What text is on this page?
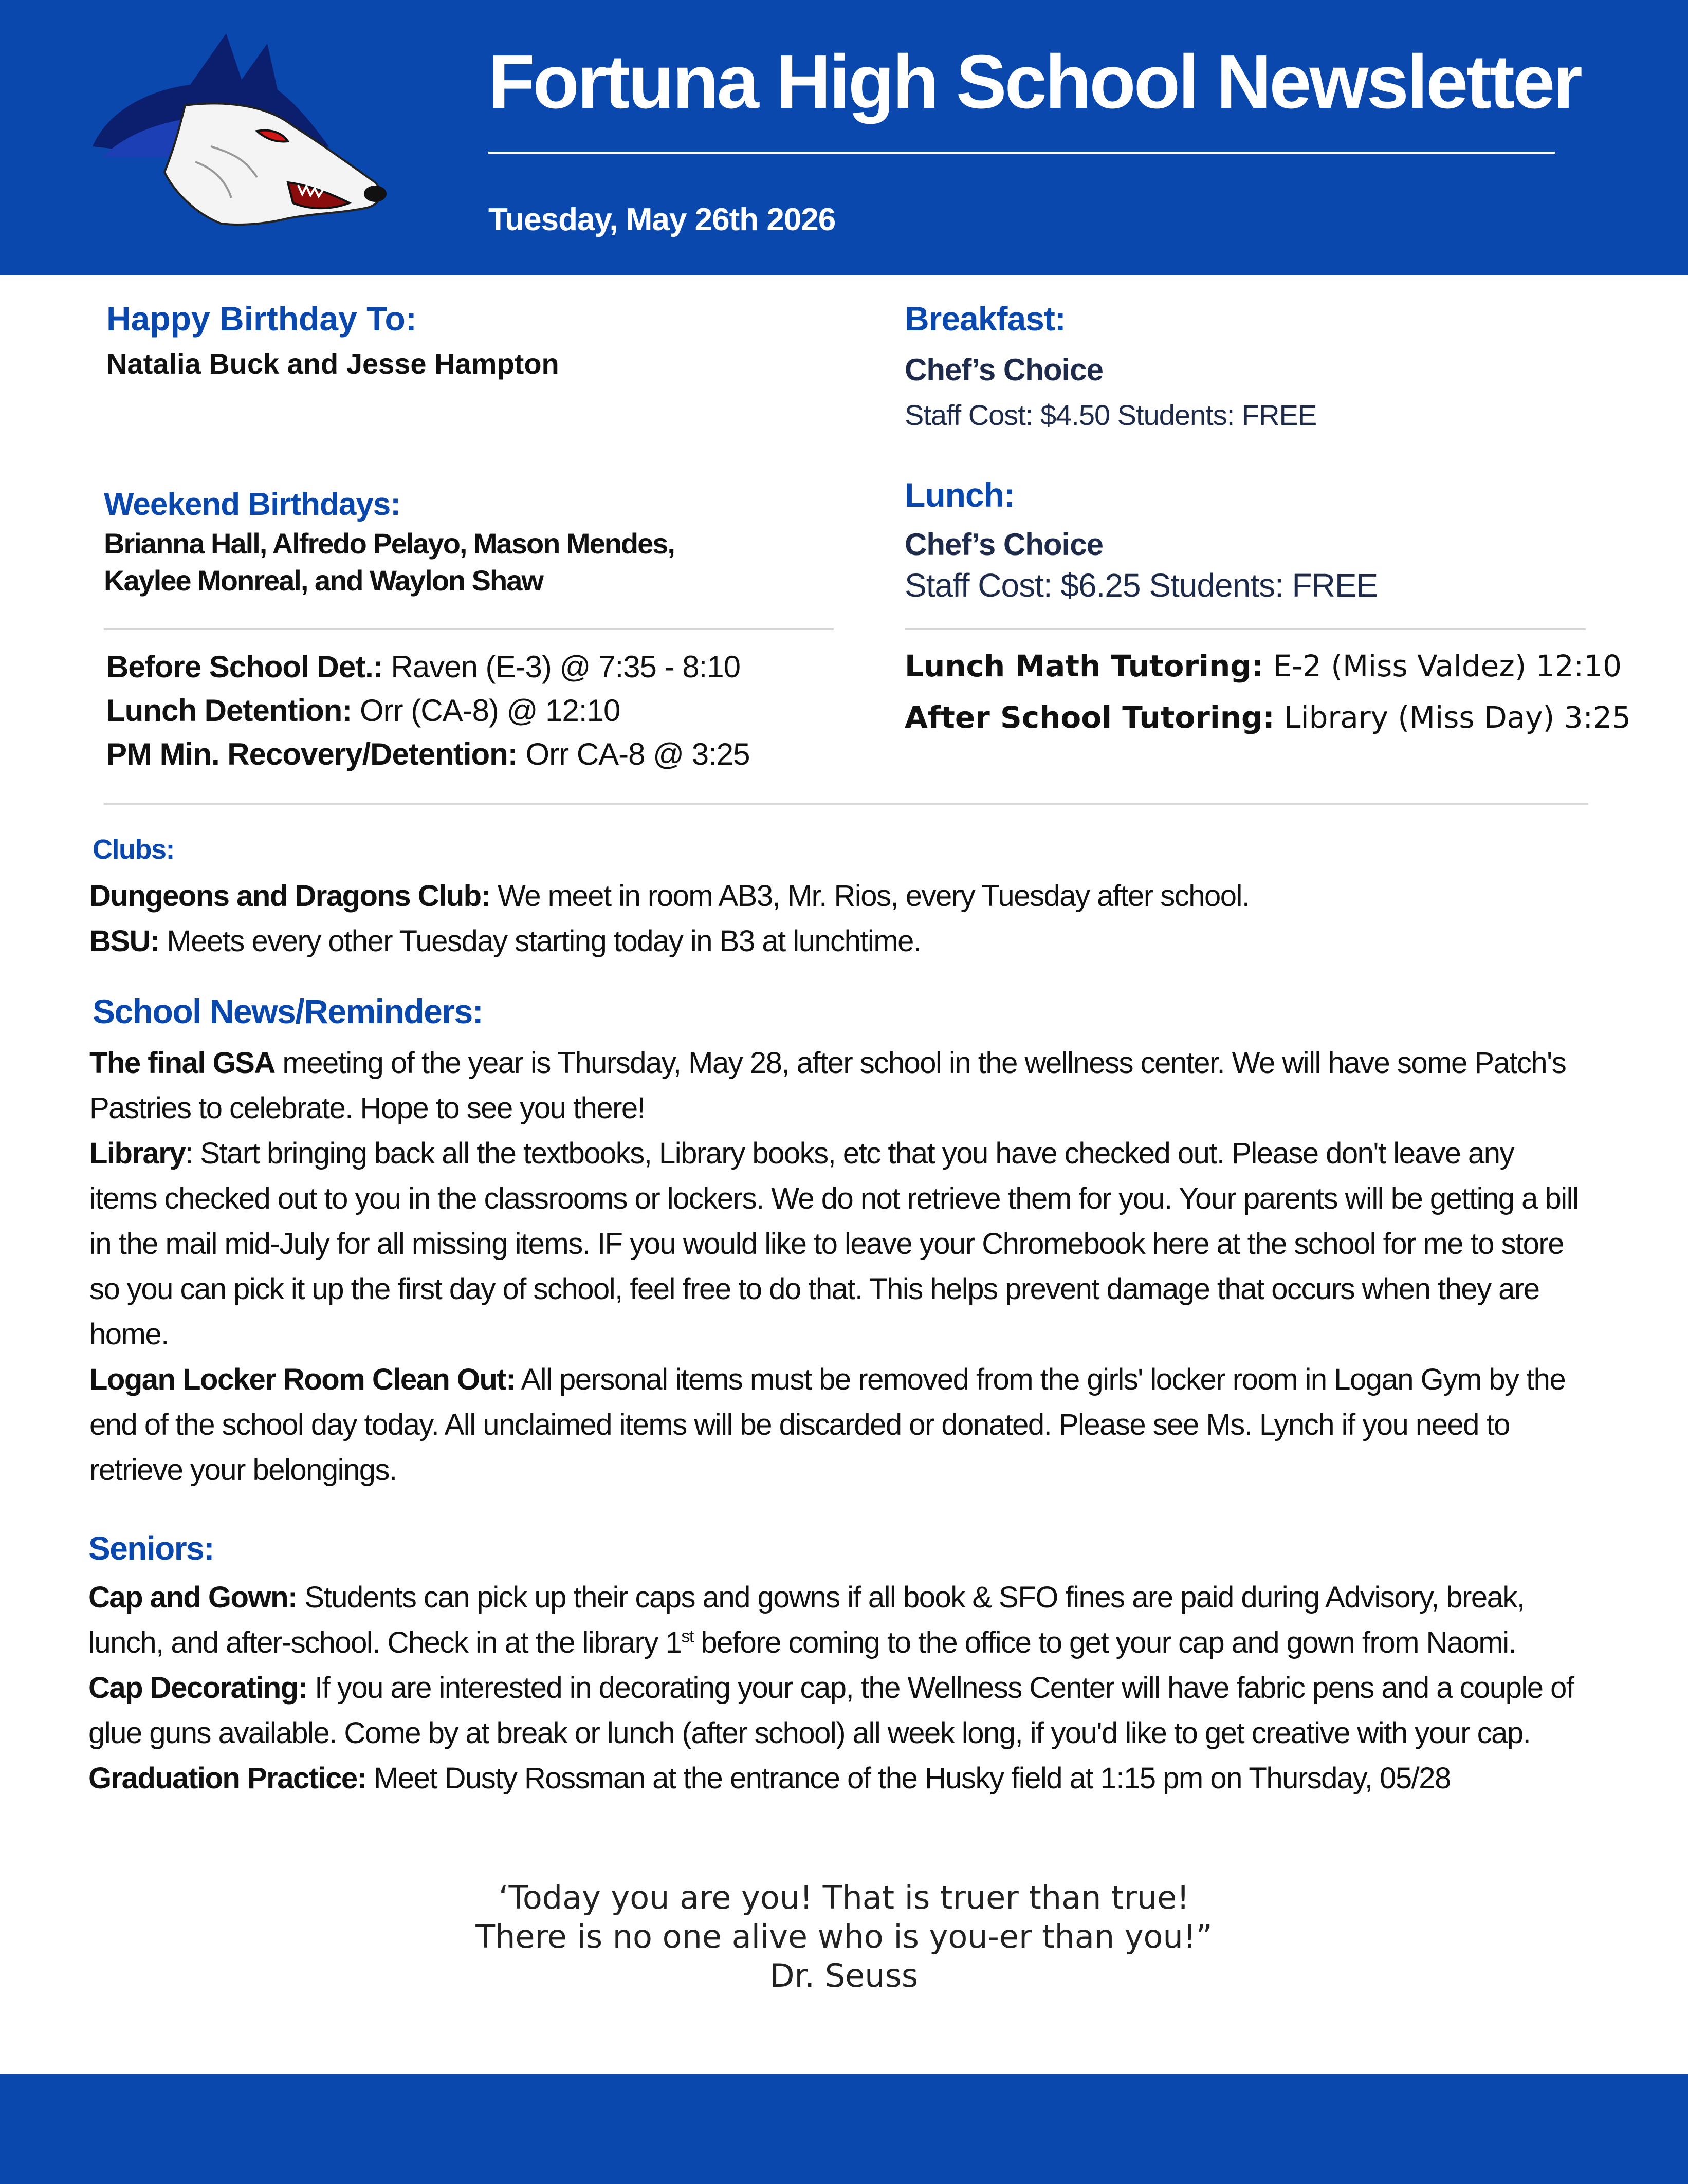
Fortuna High School Newsletter
Tuesday, May 26th 2026
Happy Birthday To:
Natalia Buck and Jesse Hampton
Weekend Birthdays:
Brianna Hall, Alfredo Pelayo, Mason Mendes,
Kaylee Monreal, and Waylon Shaw
Breakfast:
Chef’s Choice
Staff Cost: $4.50 Students: FREE
Lunch:
Chef’s Choice
Staff Cost: $6.25 Students: FREE
Before School Det.: Raven (E-3) @ 7:35 - 8:10
Lunch Detention: Orr (CA-8) @ 12:10
PM Min. Recovery/Detention: Orr CA-8 @ 3:25
Lunch Math Tutoring: E-2 (Miss Valdez) 12:10
After School Tutoring: Library (Miss Day) 3:25
Clubs:
Dungeons and Dragons Club: We meet in room AB3, Mr. Rios, every Tuesday after school.
BSU: Meets every other Tuesday starting today in B3 at lunchtime.
School News/Reminders:
The final GSA meeting of the year is Thursday, May 28, after school in the wellness center. We will have some Patch's Pastries to celebrate. Hope to see you there!
Library: Start bringing back all the textbooks, Library books, etc that you have checked out. Please don't leave any items checked out to you in the classrooms or lockers. We do not retrieve them for you. Your parents will be getting a bill in the mail mid-July for all missing items. IF you would like to leave your Chromebook here at the school for me to store so you can pick it up the first day of school, feel free to do that. This helps prevent damage that occurs when they are home.
Logan Locker Room Clean Out: All personal items must be removed from the girls' locker room in Logan Gym by the end of the school day today. All unclaimed items will be discarded or donated. Please see Ms. Lynch if you need to retrieve your belongings.
Seniors:
Cap and Gown: Students can pick up their caps and gowns if all book & SFO fines are paid during Advisory, break, lunch, and after-school. Check in at the library 1st before coming to the office to get your cap and gown from Naomi.
Cap Decorating: If you are interested in decorating your cap, the Wellness Center will have fabric pens and a couple of glue guns available. Come by at break or lunch (after school) all week long, if you'd like to get creative with your cap.
Graduation Practice: Meet Dusty Rossman at the entrance of the Husky field at 1:15 pm on Thursday, 05/28
‘Today you are you! That is truer than true!
There is no one alive who is you-er than you!”
Dr. Seuss
